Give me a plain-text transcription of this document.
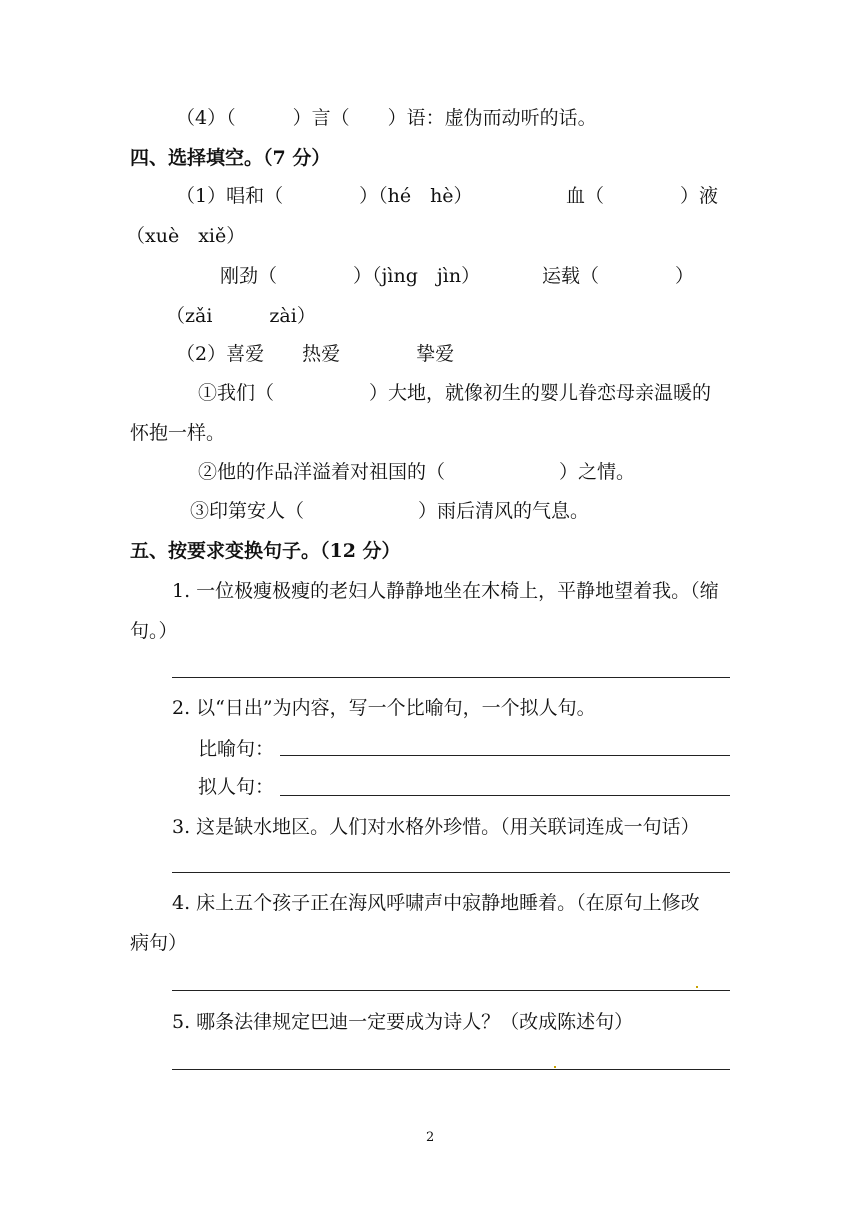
（4）（　　　）言（　　）语：虚伪而动听的话。
四、选择填空。（7 分）
（1）唱和（　　　　）（hé　hè）	血（　　　　）液
（xuè　xiě）
刚劲（　　　　）（jìng　jìn）	运载（　　　　）
（zǎi　　　zài）
（2）喜爱　　热爱　　　　挚爱
①我们（　　　　　）大地，就像初生的婴儿眷恋母亲温暖的
怀抱一样。
②他的作品洋溢着对祖国的（　　　　　　）之情。
③印第安人（　　　　　　）雨后清风的气息。
五、按要求变换句子。（12 分）
1. 一位极瘦极瘦的老妇人静静地坐在木椅上，平静地望着我。（缩
句。）
2. 以“日出”为内容，写一个比喻句，一个拟人句。
比喻句：
拟人句：
3. 这是缺水地区。人们对水格外珍惜。（用关联词连成一句话）
4. 床上五个孩子正在海风呼啸声中寂静地睡着。（在原句上修改
病句）
5. 哪条法律规定巴迪一定要成为诗人？（改成陈述句）
2
